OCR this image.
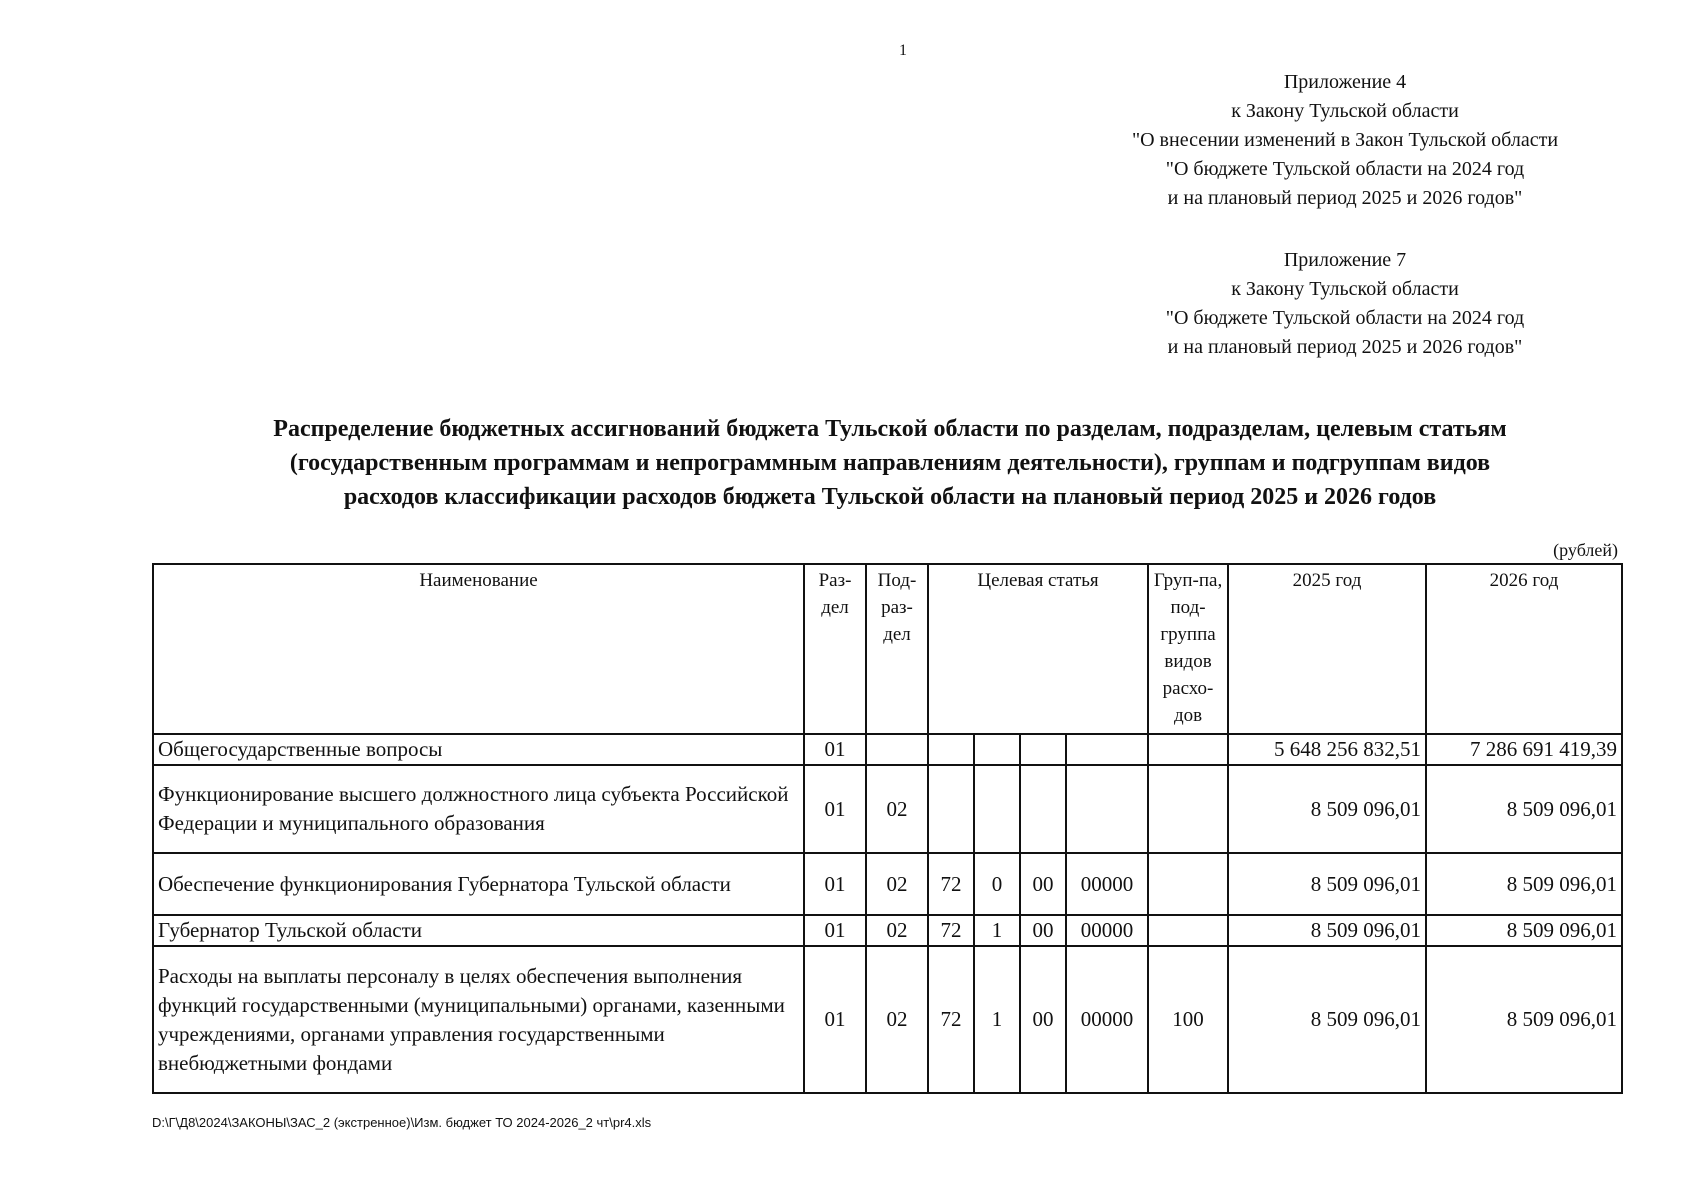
1
Приложение 4
к Закону Тульской области
"О внесении изменений в Закон Тульской области
"О бюджете Тульской области на 2024 год
и на плановый период 2025 и 2026 годов"
Приложение 7
к Закону Тульской области
"О бюджете Тульской области на 2024 год
и на плановый период 2025 и 2026 годов"
Распределение бюджетных ассигнований бюджета Тульской области по разделам, подразделам, целевым статьям
(государственным программам и непрограммным направлениям деятельности), группам и подгруппам видов
расходов классификации расходов бюджета Тульской области на плановый период 2025 и 2026 годов
(рублей)
Наименование	Раз-дел	Под-раз-дел	Целевая статья				Груп-па, под-группа видов расхо-дов	2025 год	2026 год
Общегосударственные вопросы	01							5 648 256 832,51	7 286 691 419,39
Функционирование высшего должностного лица субъекта Российской Федерации и муниципального образования	01	02						8 509 096,01	8 509 096,01
Обеспечение функционирования Губернатора Тульской области	01	02	72	0	00	00000		8 509 096,01	8 509 096,01
Губернатор Тульской области	01	02	72	1	00	00000		8 509 096,01	8 509 096,01
Расходы на выплаты персоналу в целях обеспечения выполнения функций государственными (муниципальными) органами, казенными учреждениями, органами управления государственными внебюджетными фондами	01	02	72	1	00	00000	100	8 509 096,01	8 509 096,01
D:\Г\Д8\2024\ЗАКОНЫ\ЗАС_2 (экстренное)\Изм. бюджет ТО 2024-2026_2 чт\pr4.xls
